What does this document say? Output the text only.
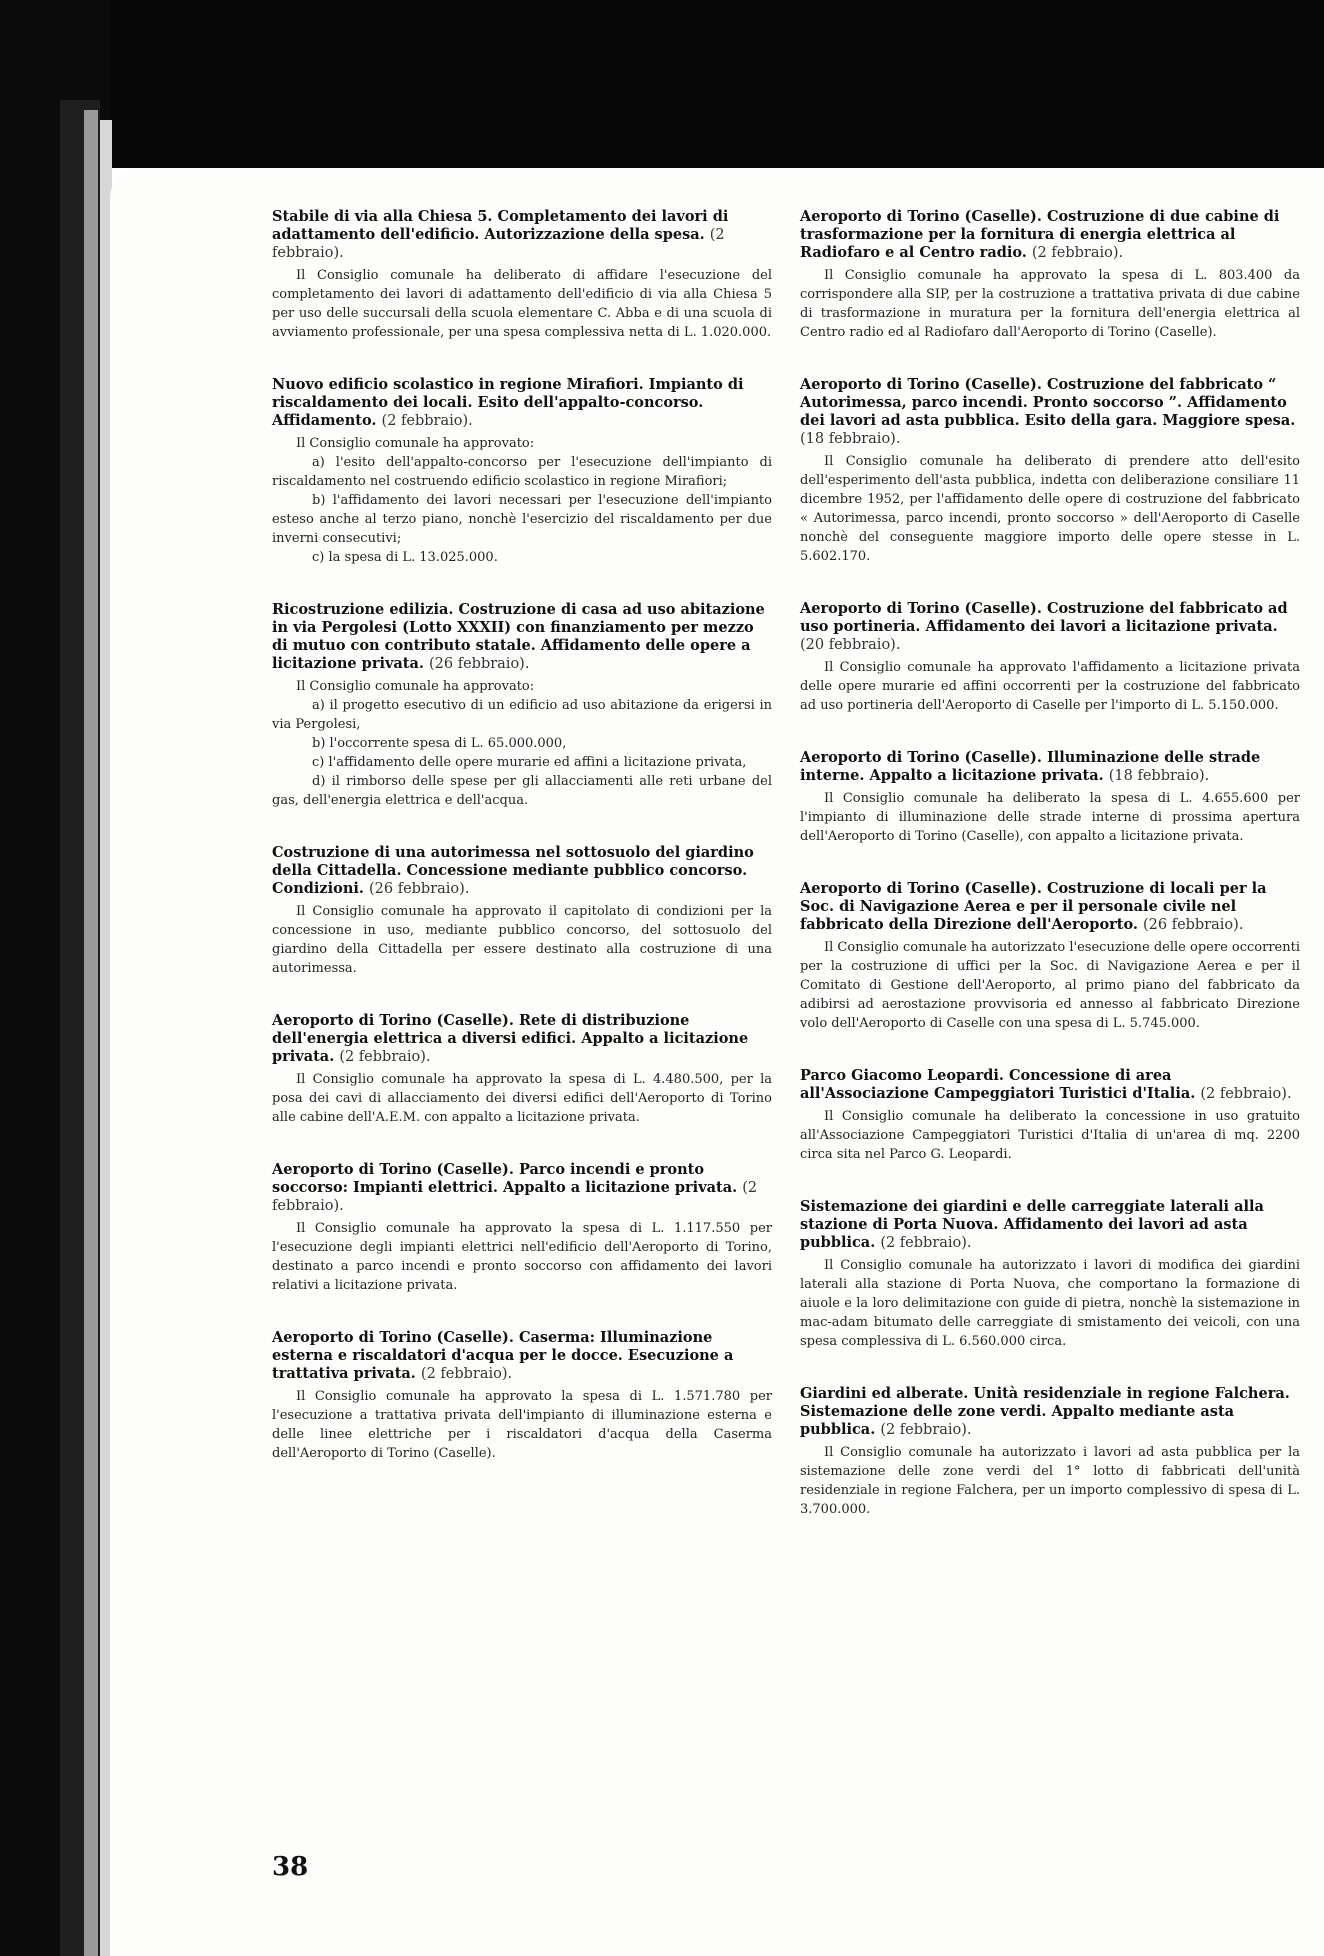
Stabile di via alla Chiesa 5. Completamento dei lavori di adattamento dell'edificio. Autorizzazione della spesa. (2 febbraio).

Il Consiglio comunale ha deliberato di affidare l'esecuzione del completamento dei lavori di adattamento dell'edificio di via alla Chiesa 5 per uso delle succursali della scuola elementare C. Abba e di una scuola di avviamento professionale, per una spesa complessiva netta di L. 1.020.000.

Nuovo edificio scolastico in regione Mirafiori. Impianto di riscaldamento dei locali. Esito dell'appalto-concorso. Affidamento. (2 febbraio).

Il Consiglio comunale ha approvato:

a) l'esito dell'appalto-concorso per l'esecuzione dell'impianto di riscaldamento nel costruendo edificio scolastico in regione Mirafiori;

b) l'affidamento dei lavori necessari per l'esecuzione dell'impianto esteso anche al terzo piano, nonchè l'esercizio del riscaldamento per due inverni consecutivi;

c) la spesa di L. 13.025.000.

Ricostruzione edilizia. Costruzione di casa ad uso abitazione in via Pergolesi (Lotto XXXII) con finanziamento per mezzo di mutuo con contributo statale. Affidamento delle opere a licitazione privata. (26 febbraio).

Il Consiglio comunale ha approvato:

a) il progetto esecutivo di un edificio ad uso abitazione da erigersi in via Pergolesi,

b) l'occorrente spesa di L. 65.000.000,

c) l'affidamento delle opere murarie ed affini a licitazione privata,

d) il rimborso delle spese per gli allacciamenti alle reti urbane del gas, dell'energia elettrica e dell'acqua.

Costruzione di una autorimessa nel sottosuolo del giardino della Cittadella. Concessione mediante pubblico concorso. Condizioni. (26 febbraio).

Il Consiglio comunale ha approvato il capitolato di condizioni per la concessione in uso, mediante pubblico concorso, del sottosuolo del giardino della Cittadella per essere destinato alla costruzione di una autorimessa.

Aeroporto di Torino (Caselle). Rete di distribuzione dell'energia elettrica a diversi edifici. Appalto a licitazione privata. (2 febbraio).

Il Consiglio comunale ha approvato la spesa di L. 4.480.500, per la posa dei cavi di allacciamento dei diversi edifici dell'Aeroporto di Torino alle cabine dell'A.E.M. con appalto a licitazione privata.

Aeroporto di Torino (Caselle). Parco incendi e pronto soccorso: Impianti elettrici. Appalto a licitazione privata. (2 febbraio).

Il Consiglio comunale ha approvato la spesa di L. 1.117.550 per l'esecuzione degli impianti elettrici nell'edificio dell'Aeroporto di Torino, destinato a parco incendi e pronto soccorso con affidamento dei lavori relativi a licitazione privata.

Aeroporto di Torino (Caselle). Caserma: Illuminazione esterna e riscaldatori d'acqua per le docce. Esecuzione a trattativa privata. (2 febbraio).

Il Consiglio comunale ha approvato la spesa di L. 1.571.780 per l'esecuzione a trattativa privata dell'impianto di illuminazione esterna e delle linee elettriche per i riscaldatori d'acqua della Caserma dell'Aeroporto di Torino (Caselle).

Aeroporto di Torino (Caselle). Costruzione di due cabine di trasformazione per la fornitura di energia elettrica al Radiofaro e al Centro radio. (2 febbraio).

Il Consiglio comunale ha approvato la spesa di L. 803.400 da corrispondere alla SIP, per la costruzione a trattativa privata di due cabine di trasformazione in muratura per la fornitura dell'energia elettrica al Centro radio ed al Radiofaro dall'Aeroporto di Torino (Caselle).

Aeroporto di Torino (Caselle). Costruzione del fabbricato “ Autorimessa, parco incendi. Pronto soccorso ”. Affidamento dei lavori ad asta pubblica. Esito della gara. Maggiore spesa. (18 febbraio).

Il Consiglio comunale ha deliberato di prendere atto dell'esito dell'esperimento dell'asta pubblica, indetta con deliberazione consiliare 11 dicembre 1952, per l'affidamento delle opere di costruzione del fabbricato « Autorimessa, parco incendi, pronto soccorso » dell'Aeroporto di Caselle nonchè del conseguente maggiore importo delle opere stesse in L. 5.602.170.

Aeroporto di Torino (Caselle). Costruzione del fabbricato ad uso portineria. Affidamento dei lavori a licitazione privata. (20 febbraio).

Il Consiglio comunale ha approvato l'affidamento a licitazione privata delle opere murarie ed affini occorrenti per la costruzione del fabbricato ad uso portineria dell'Aeroporto di Caselle per l'importo di L. 5.150.000.

Aeroporto di Torino (Caselle). Illuminazione delle strade interne. Appalto a licitazione privata. (18 febbraio).

Il Consiglio comunale ha deliberato la spesa di L. 4.655.600 per l'impianto di illuminazione delle strade interne di prossima apertura dell'Aeroporto di Torino (Caselle), con appalto a licitazione privata.

Aeroporto di Torino (Caselle). Costruzione di locali per la Soc. di Navigazione Aerea e per il personale civile nel fabbricato della Direzione dell'Aeroporto. (26 febbraio).

Il Consiglio comunale ha autorizzato l'esecuzione delle opere occorrenti per la costruzione di uffici per la Soc. di Navigazione Aerea e per il Comitato di Gestione dell'Aeroporto, al primo piano del fabbricato da adibirsi ad aerostazione provvisoria ed annesso al fabbricato Direzione volo dell'Aeroporto di Caselle con una spesa di L. 5.745.000.

Parco Giacomo Leopardi. Concessione di area all'Associazione Campeggiatori Turistici d'Italia. (2 febbraio).

Il Consiglio comunale ha deliberato la concessione in uso gratuito all'Associazione Campeggiatori Turistici d'Italia di un'area di mq. 2200 circa sita nel Parco G. Leopardi.

Sistemazione dei giardini e delle carreggiate laterali alla stazione di Porta Nuova. Affidamento dei lavori ad asta pubblica. (2 febbraio).

Il Consiglio comunale ha autorizzato i lavori di modifica dei giardini laterali alla stazione di Porta Nuova, che comportano la formazione di aiuole e la loro delimitazione con guide di pietra, nonchè la sistemazione in mac-adam bitumato delle carreggiate di smistamento dei veicoli, con una spesa complessiva di L. 6.560.000 circa.

Giardini ed alberate. Unità residenziale in regione Falchera. Sistemazione delle zone verdi. Appalto mediante asta pubblica. (2 febbraio).

Il Consiglio comunale ha autorizzato i lavori ad asta pubblica per la sistemazione delle zone verdi del 1° lotto di fabbricati dell'unità residenziale in regione Falchera, per un importo complessivo di spesa di L. 3.700.000.

38
